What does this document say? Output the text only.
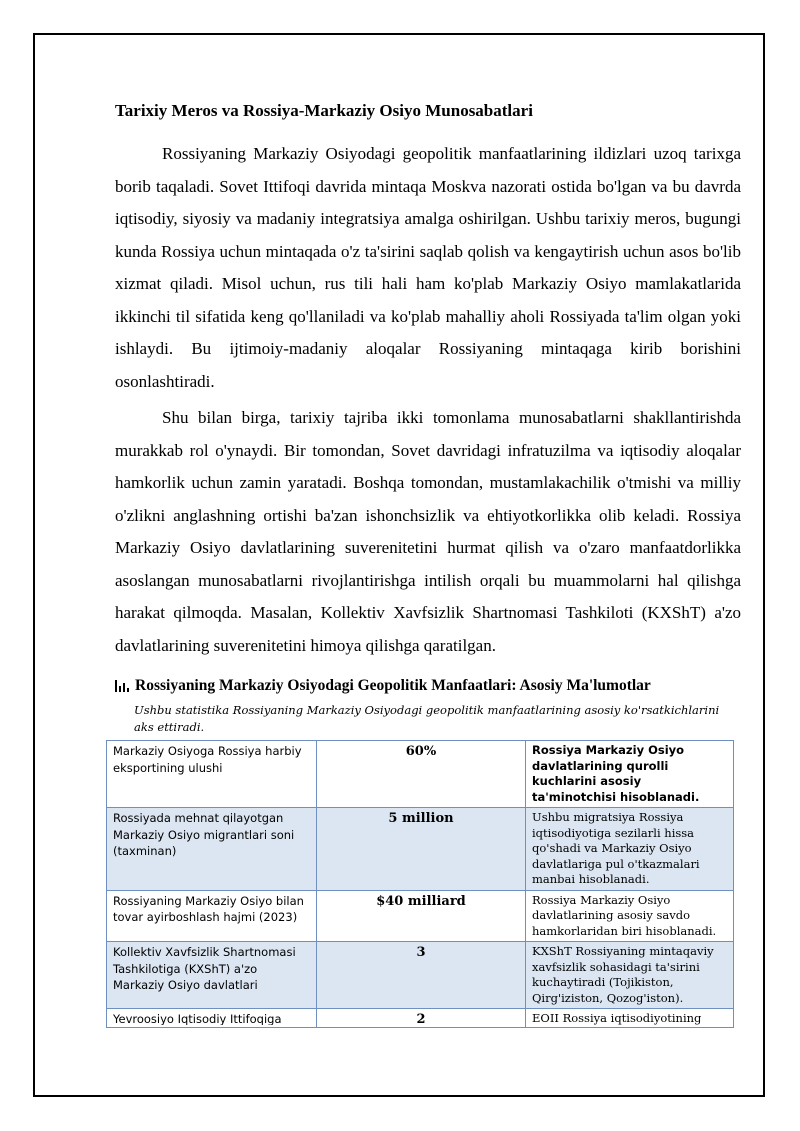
Tarixiy Meros va Rossiya-Markaziy Osiyo Munosabatlari

Rossiyaning Markaziy Osiyodagi geopolitik manfaatlarining ildizlari uzoq tarixga borib taqaladi. Sovet Ittifoqi davrida mintaqa Moskva nazorati ostida bo'lgan va bu davrda iqtisodiy, siyosiy va madaniy integratsiya amalga oshirilgan. Ushbu tarixiy meros, bugungi kunda Rossiya uchun mintaqada o'z ta'sirini saqlab qolish va kengaytirish uchun asos bo'lib xizmat qiladi. Misol uchun, rus tili hali ham ko'plab Markaziy Osiyo mamlakatlarida ikkinchi til sifatida keng qo'llaniladi va ko'plab mahalliy aholi Rossiyada ta'lim olgan yoki ishlaydi. Bu ijtimoiy-madaniy aloqalar Rossiyaning mintaqaga kirib borishini osonlashtiradi.

Shu bilan birga, tarixiy tajriba ikki tomonlama munosabatlarni shakllantirishda murakkab rol o'ynaydi. Bir tomondan, Sovet davridagi infratuzilma va iqtisodiy aloqalar hamkorlik uchun zamin yaratadi. Boshqa tomondan, mustamlakachilik o'tmishi va milliy o'zlikni anglashning ortishi ba'zan ishonchsizlik va ehtiyotkorlikka olib keladi. Rossiya Markaziy Osiyo davlatlarining suverenitetini hurmat qilish va o'zaro manfaatdorlikka asoslangan munosabatlarni rivojlantirishga intilish orqali bu muammolarni hal qilishga harakat qilmoqda. Masalan, Kollektiv Xavfsizlik Shartnomasi Tashkiloti (KXShT) a'zo davlatlarining suverenitetini himoya qilishga qaratilgan.

Rossiyaning Markaziy Osiyodagi Geopolitik Manfaatlari: Asosiy Ma'lumotlar
Ushbu statistika Rossiyaning Markaziy Osiyodagi geopolitik manfaatlarining asosiy ko'rsatkichlarini aks ettiradi.
Markaziy Osiyoga Rossiya harbiy eksportining ulushi	60%	Rossiya Markaziy Osiyo davlatlarining qurolli kuchlarini asosiy ta'minotchisi hisoblanadi.
Rossiyada mehnat qilayotgan Markaziy Osiyo migrantlari soni (taxminan)	5 million	Ushbu migratsiya Rossiya iqtisodiyotiga sezilarli hissa qo'shadi va Markaziy Osiyo davlatlariga pul o'tkazmalari manbai hisoblanadi.
Rossiyaning Markaziy Osiyo bilan tovar ayirboshlash hajmi (2023)	$40 milliard	Rossiya Markaziy Osiyo davlatlarining asosiy savdo hamkorlaridan biri hisoblanadi.
Kollektiv Xavfsizlik Shartnomasi Tashkilotiga (KXShT) a'zo Markaziy Osiyo davlatlari	3	KXShT Rossiyaning mintaqaviy xavfsizlik sohasidagi ta'sirini kuchaytiradi (Tojikiston, Qirg'iziston, Qozog'iston).

Yevroosiyo Iqtisodiy Ittifoqiga	2	EOII Rossiya iqtisodiyotining
